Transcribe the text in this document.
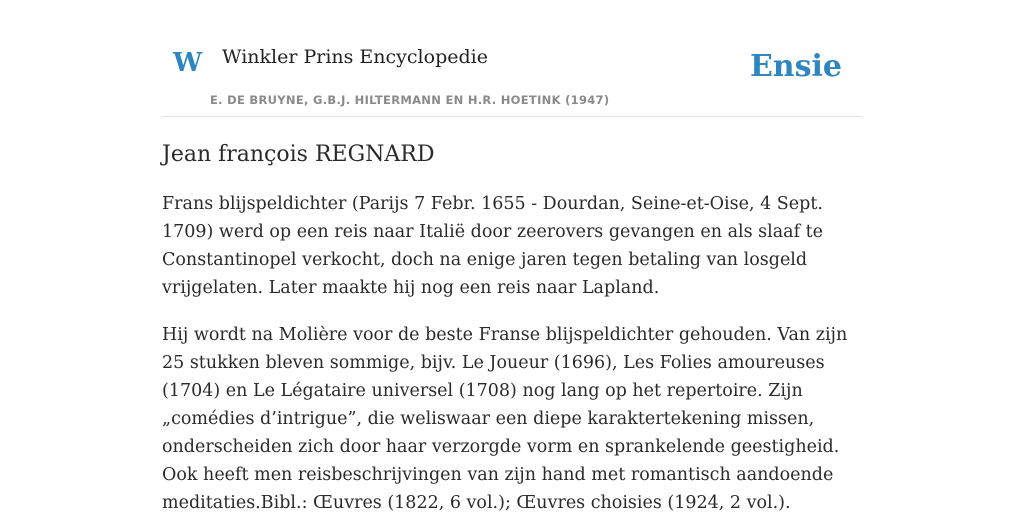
W Winkler Prins Encyclopedie
E. DE BRUYNE, G.B.J. HILTERMANN EN H.R. HOETINK (1947)
Ensie
Jean françois REGNARD

Frans blijspeldichter (Parijs 7 Febr. 1655 - Dourdan, Seine-et-Oise, 4 Sept. 1709) werd op een reis naar Italië door zeerovers gevangen en als slaaf te Constantinopel verkocht, doch na enige jaren tegen betaling van losgeld vrijgelaten. Later maakte hij nog een reis naar Lapland.

Hij wordt na Molière voor de beste Franse blijspeldichter gehouden. Van zijn 25 stukken bleven sommige, bijv. Le Joueur (1696), Les Folies amoureuses (1704) en Le Légataire universel (1708) nog lang op het repertoire. Zijn „comédies d’intrigue”, die weliswaar een diepe karaktertekening missen, onderscheiden zich door haar verzorgde vorm en sprankelende geestigheid. Ook heeft men reisbeschrijvingen van zijn hand met romantisch aandoende meditaties.Bibl.: Œuvres (1822, 6 vol.); Œuvres choisies (1924, 2 vol.).
